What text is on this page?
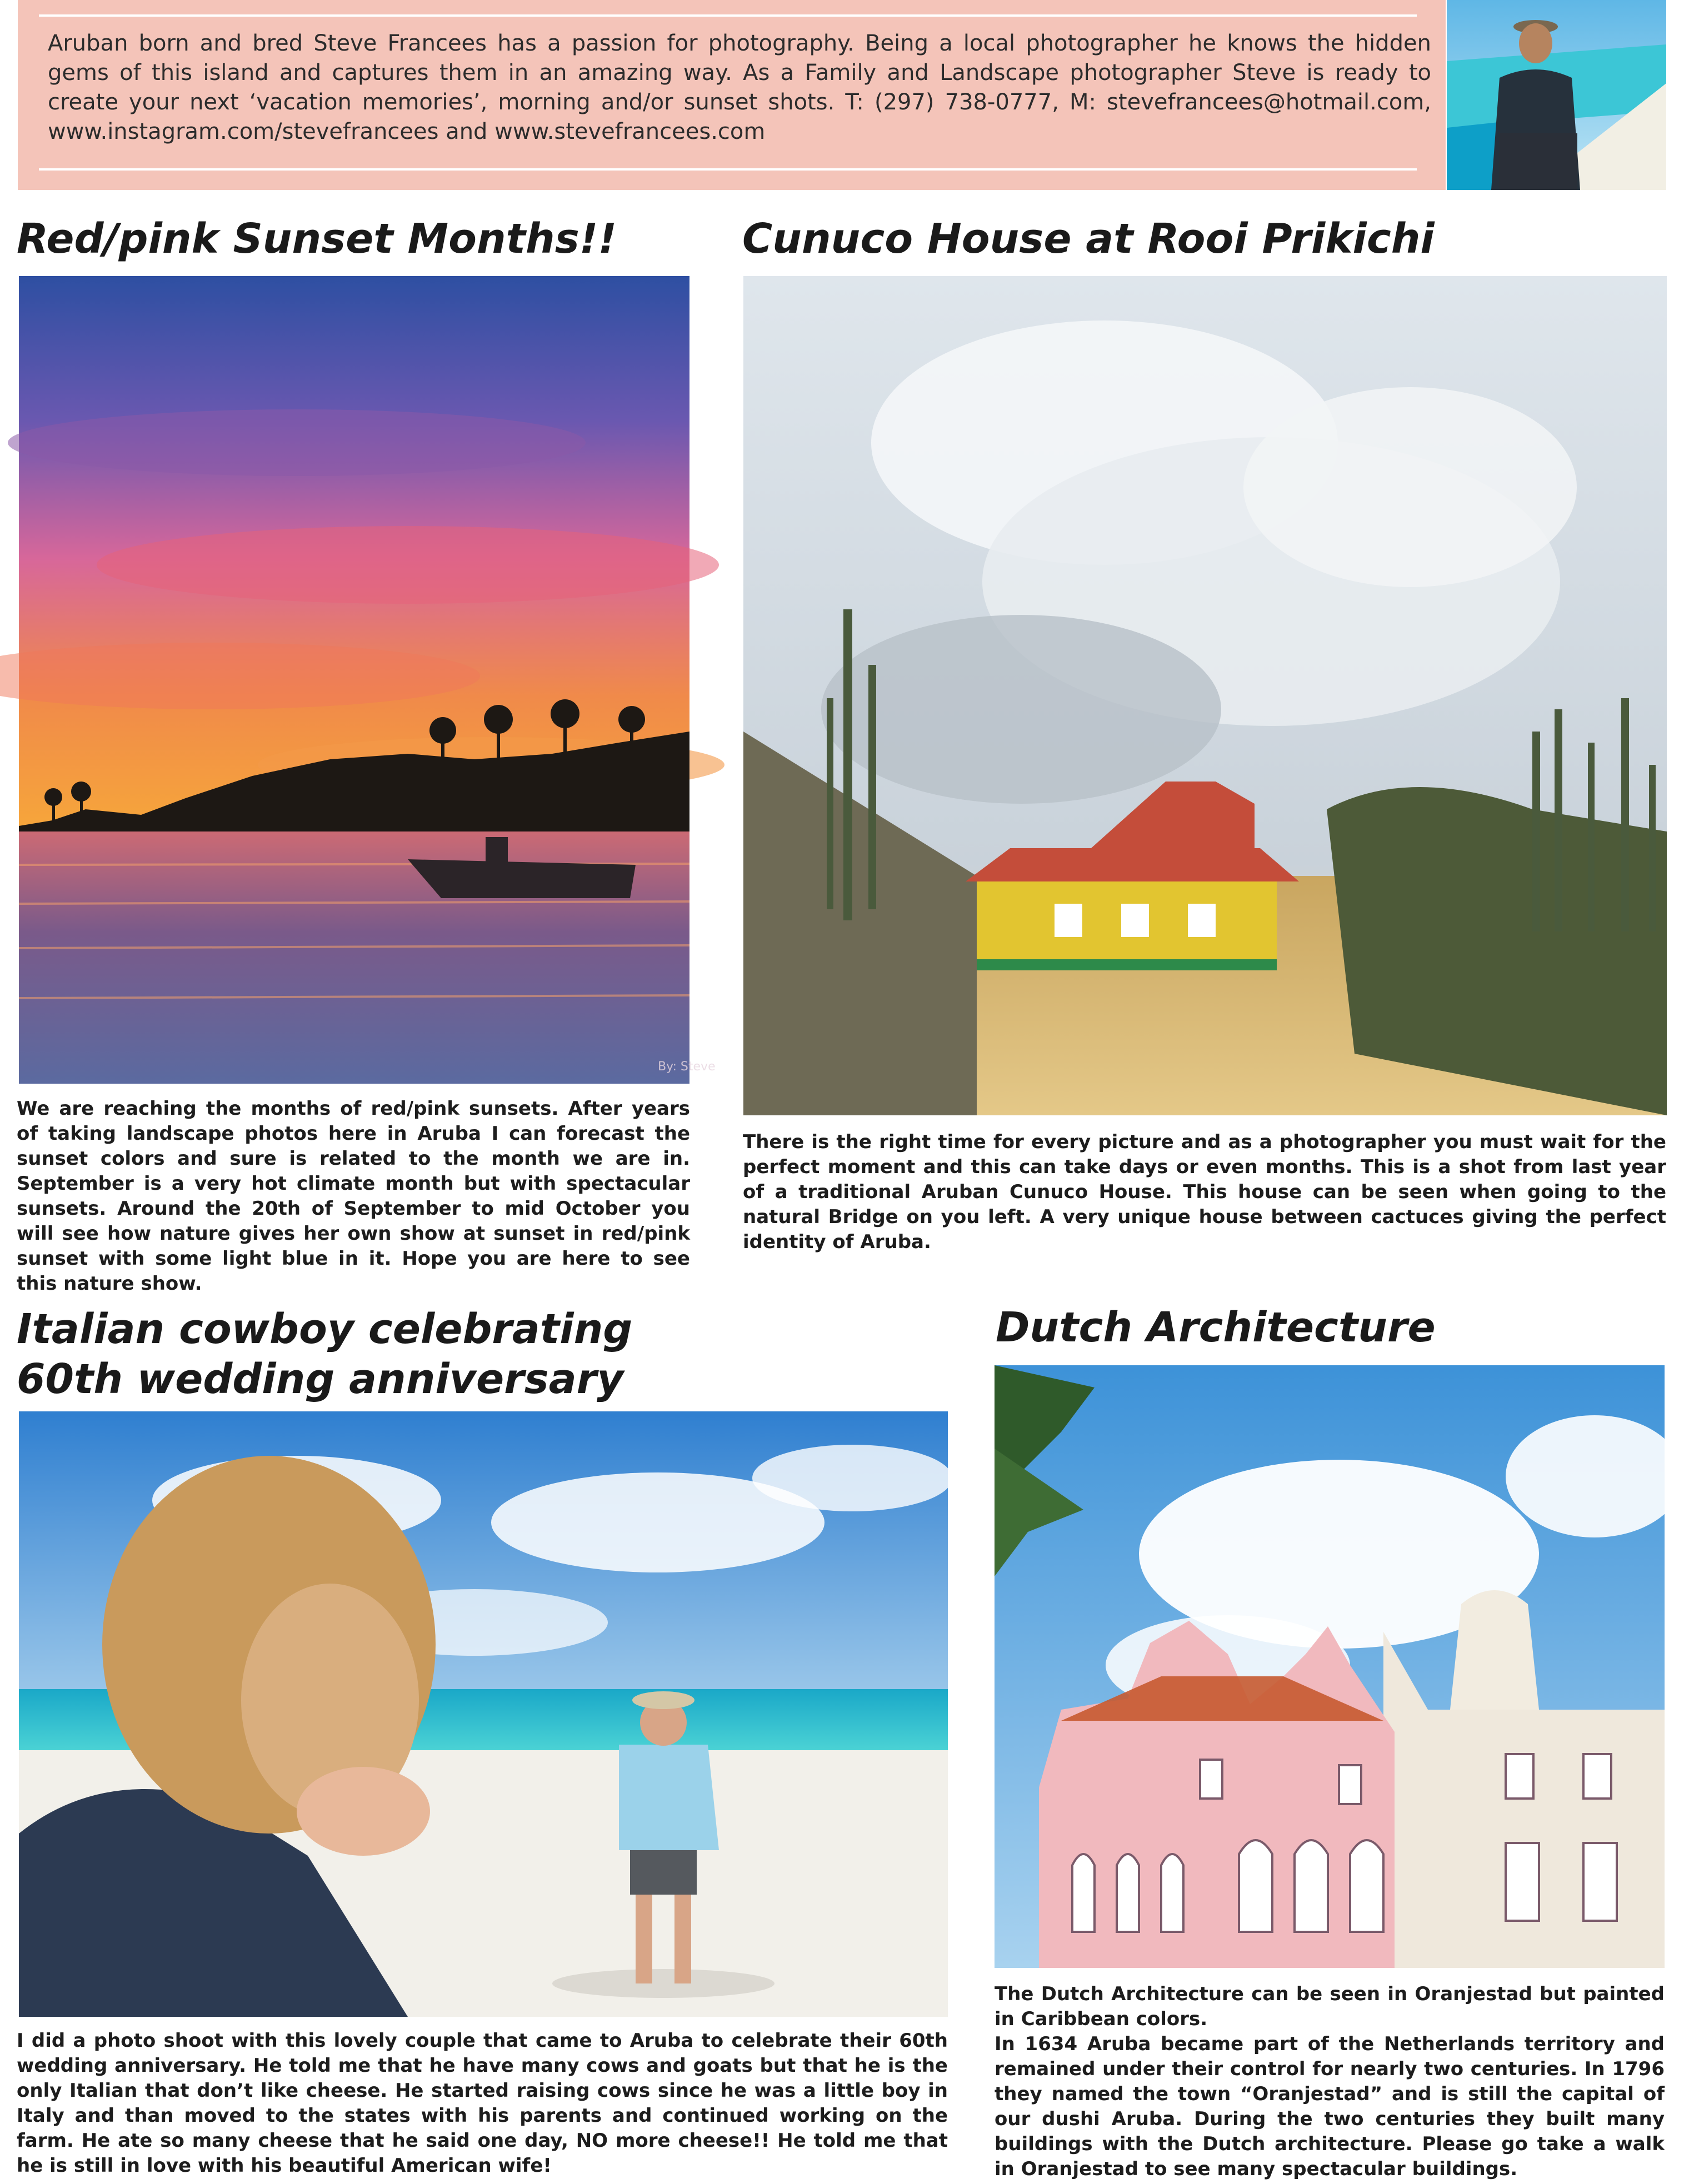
Aruban born and bred Steve Francees has a passion for photography. Being a local photographer he knows the hidden gems of this island and captures them in an amazing way. As a Family and Landscape photographer Steve is ready to create your next ‘vacation memories’, morning and/or sunset shots. T: (297) 738-0777, M: stevefrancees@hotmail.com, www.instagram.com/stevefrancees and www.stevefrancees.com
Red/pink Sunset Months!!
By: Steve
We are reaching the months of red/pink sunsets. After years of taking landscape photos here in Aruba I can forecast the sunset colors and sure is related to the month we are in. September is a very hot climate month but with spectacular sunsets. Around the 20th of September to mid October you will see how nature gives her own show at sunset in red/pink sunset with some light blue in it. Hope you are here to see this nature show.
Cunuco House at Rooi Prikichi
There is the right time for every picture and as a photographer you must wait for the perfect moment and this can take days or even months. This is a shot from last year of a traditional Aruban Cunuco House. This house can be seen when going to the natural Bridge on you left. A very unique house between cactuces giving the perfect identity of Aruba.
Italian cowboy celebrating
60th wedding anniversary
I did a photo shoot with this lovely couple that came to Aruba to celebrate their 60th wedding anniversary. He told me that he have many cows and goats but that he is the only Italian that don’t like cheese. He started raising cows since he was a little boy in Italy and than moved to the states with his parents and continued working on the farm. He ate so many cheese that he said one day, NO more cheese!! He told me that he is still in love with his beautiful American wife!
Dutch Architecture

The Dutch Architecture can be seen in Oranjestad but painted in Caribbean colors.

In 1634 Aruba became part of the Netherlands territory and remained under their control for nearly two centuries. In 1796 they named the town “Oranjestad” and is still the capital of our dushi Aruba. During the two centuries they built many buildings with the Dutch architecture. Please go take a walk in Oranjestad to see many spectacular buildings.
